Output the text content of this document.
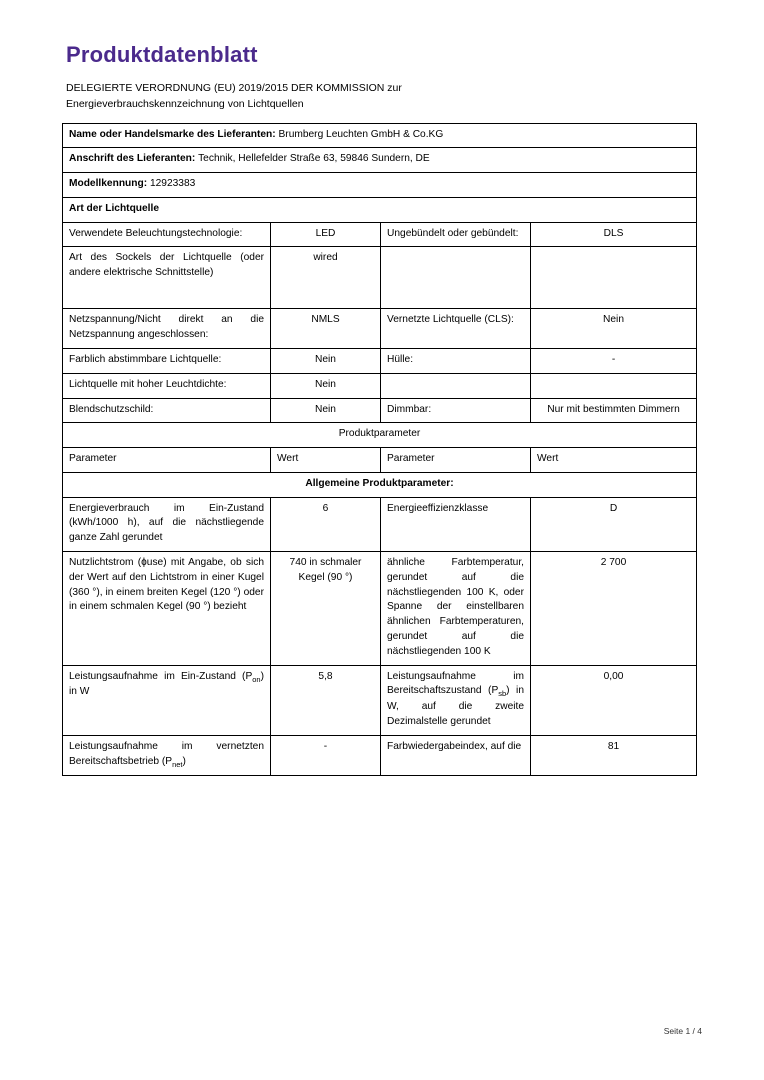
Produktdatenblatt
DELEGIERTE VERORDNUNG (EU) 2019/2015 DER KOMMISSION zur
Energieverbrauchskennzeichnung von Lichtquellen
Name oder Handelsmarke des Lieferanten: Brumberg Leuchten GmbH & Co.KG			
Anschrift des Lieferanten: Technik, Hellefelder Straße 63, 59846 Sundern, DE			
Modellkennung: 12923383			
Art der Lichtquelle			
Verwendete Beleuchtungstechnologie:	LED	Ungebündelt oder gebündelt:	DLS
Art des Sockels der Lichtquelle (oder andere elektrische Schnittstelle)	wired		
Netzspannung/Nicht direkt an die Netzspannung angeschlossen:	NMLS	Vernetzte Lichtquelle (CLS):	Nein
Farblich abstimmbare Lichtquelle:	Nein	Hülle:	-
Lichtquelle mit hoher Leuchtdichte:	Nein		
Blendschutzschild:	Nein	Dimmbar:	Nur mit bestimmten Dimmern
Produktparameter			
Parameter	Wert	Parameter	Wert
Allgemeine Produktparameter:			
Energieverbrauch im Ein-Zustand (kWh/1000 h), auf die nächstliegende ganze Zahl gerundet	6	Energieeffizienzklasse	D
Nutzlichtstrom (ɸuse) mit Angabe, ob sich der Wert auf den Lichtstrom in einer Kugel (360 °), in einem breiten Kegel (120 °) oder in einem schmalen Kegel (90 °) bezieht	740 in schmaler Kegel (90 °)	ähnliche Farbtemperatur, gerundet auf die nächstliegenden 100 K, oder Spanne der einstellbaren ähnlichen Farbtemperaturen, gerundet auf die nächstliegenden 100 K	2 700
Leistungsaufnahme im Ein-Zustand $(P_{on})$ in W	5,8	Leistungsaufnahme im Bereitschaftszustand $(P_{sb})$ in W, auf die zweite Dezimalstelle gerundet	0,00
Leistungsaufnahme im vernetzten Bereitschaftsbetrieb $(P_{net})$	-	Farbwiedergabeindex, auf die	81
Seite 1 / 4
